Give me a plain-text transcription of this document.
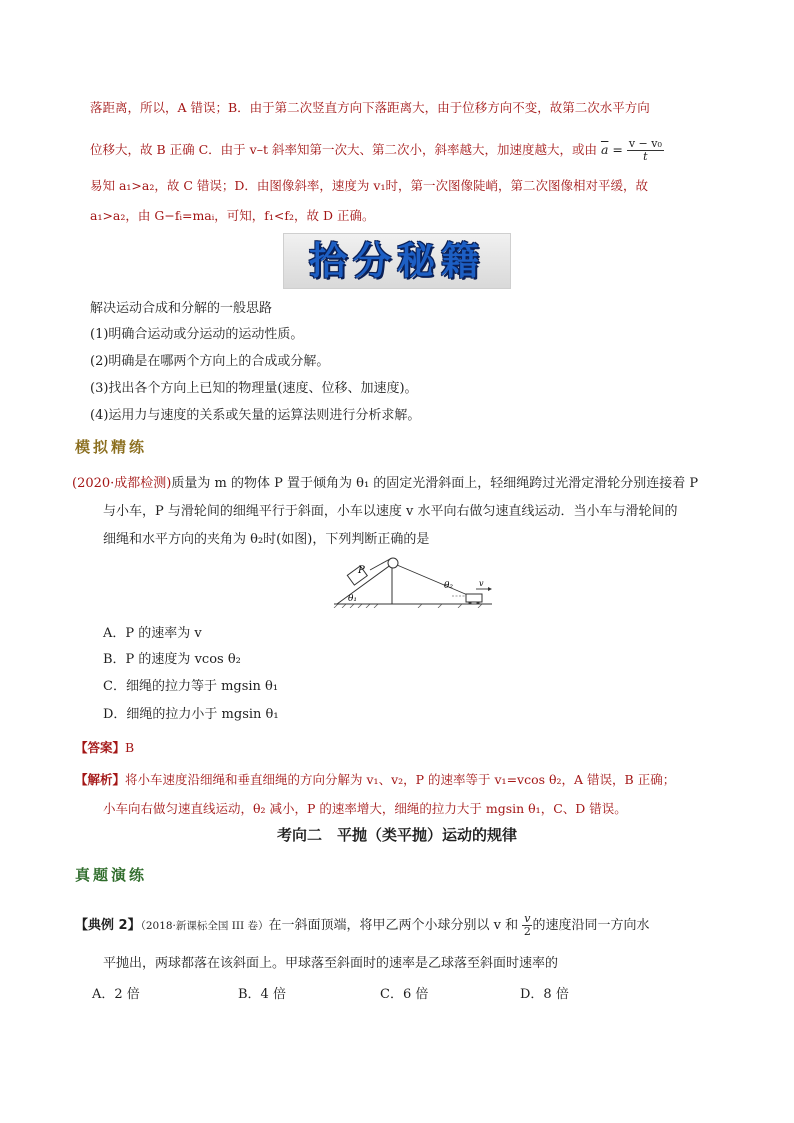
落距离，所以，A 错误；B．由于第二次竖直方向下落距离大，由于位移方向不变，故第二次水平方向
位移大，故 B 正确 C．由于 v–t 斜率知第一次大、第二次小，斜率越大，加速度越大，或由 $\overline{a} = \frac{\text{v − v₀}}{t}$
易知 a₁>a₂，故 C 错误；D．由图像斜率，速度为 v₁时，第一次图像陡峭，第二次图像相对平缓，故
a₁>a₂，由 G−fᵢ=maᵢ，可知，f₁<f₂，故 D 正确。
拾分秘籍
解决运动合成和分解的一般思路
(1)明确合运动或分运动的运动性质。
(2)明确是在哪两个方向上的合成或分解。
(3)找出各个方向上已知的物理量(速度、位移、加速度)。
(4)运用力与速度的关系或矢量的运算法则进行分析求解。
模拟精练
(2020·成都检测)质量为 m 的物体 P 置于倾角为 θ₁ 的固定光滑斜面上，轻细绳跨过光滑定滑轮分别连接着 P
与小车，P 与滑轮间的细绳平行于斜面，小车以速度 v 水平向右做匀速直线运动．当小车与滑轮间的
细绳和水平方向的夹角为 θ₂时(如图)，下列判断正确的是
P
v
θ₁
θ₂
A．P 的速率为 v
B．P 的速度为 vcos θ₂
C．细绳的拉力等于 mgsin θ₁
D．细绳的拉力小于 mgsin θ₁
【答案】B
【解析】将小车速度沿细绳和垂直细绳的方向分解为 v₁、v₂，P 的速率等于 v₁=vcos θ₂，A 错误，B 正确；
小车向右做匀速直线运动，θ₂ 减小，P 的速率增大，细绳的拉力大于 mgsin θ₁，C、D 错误。
考向二　平抛（类平抛）运动的规律
真题演练
【典例 2】（2018·新课标全国 III 卷）在一斜面顶端，将甲乙两个小球分别以 v 和 $\frac{v}{2}$ 的速度沿同一方向水
平抛出，两球都落在该斜面上。甲球落至斜面时的速率是乙球落至斜面时速率的
A．2 倍	B．4 倍	C．6 倍	D．8 倍
